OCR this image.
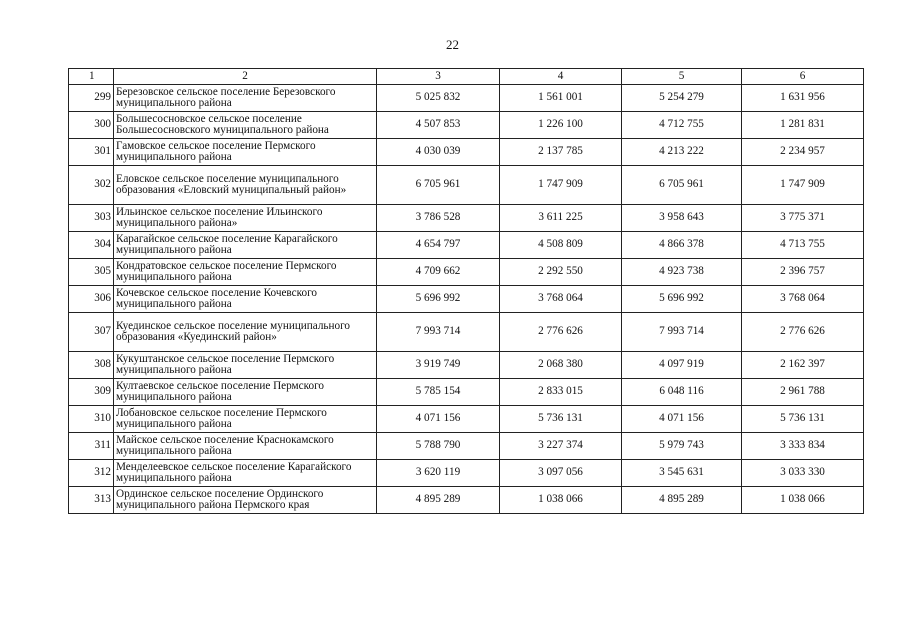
22
1	2	3	4	5	6
299	Березовское сельское поселение Березовского муниципального района	5 025 832	1 561 001	5 254 279	1 631 956
300	Большесосновское сельское поселение Большесосновского муниципального района	4 507 853	1 226 100	4 712 755	1 281 831
301	Гамовское сельское поселение Пермского муниципального района	4 030 039	2 137 785	4 213 222	2 234 957
302	Еловское сельское поселение муниципального образования «Еловский муниципальный район»	6 705 961	1 747 909	6 705 961	1 747 909
303	Ильинское сельское поселение Ильинского муниципального района»	3 786 528	3 611 225	3 958 643	3 775 371
304	Карагайское сельское поселение Карагайского муниципального района	4 654 797	4 508 809	4 866 378	4 713 755
305	Кондратовское сельское поселение Пермского муниципального района	4 709 662	2 292 550	4 923 738	2 396 757
306	Кочевское сельское поселение Кочевского муниципального района	5 696 992	3 768 064	5 696 992	3 768 064
307	Куединское сельское поселение муниципального образования «Куединский район»	7 993 714	2 776 626	7 993 714	2 776 626
308	Кукуштанское сельское поселение Пермского муниципального района	3 919 749	2 068 380	4 097 919	2 162 397
309	Култаевское сельское поселение Пермского муниципального района	5 785 154	2 833 015	6 048 116	2 961 788
310	Лобановское сельское поселение Пермского муниципального района	4 071 156	5 736 131	4 071 156	5 736 131
311	Майское сельское поселение Краснокамского муниципального района	5 788 790	3 227 374	5 979 743	3 333 834
312	Менделеевское сельское поселение Карагайского муниципального района	3 620 119	3 097 056	3 545 631	3 033 330
313	Ординское сельское поселение Ординского муниципального района Пермского края	4 895 289	1 038 066	4 895 289	1 038 066
